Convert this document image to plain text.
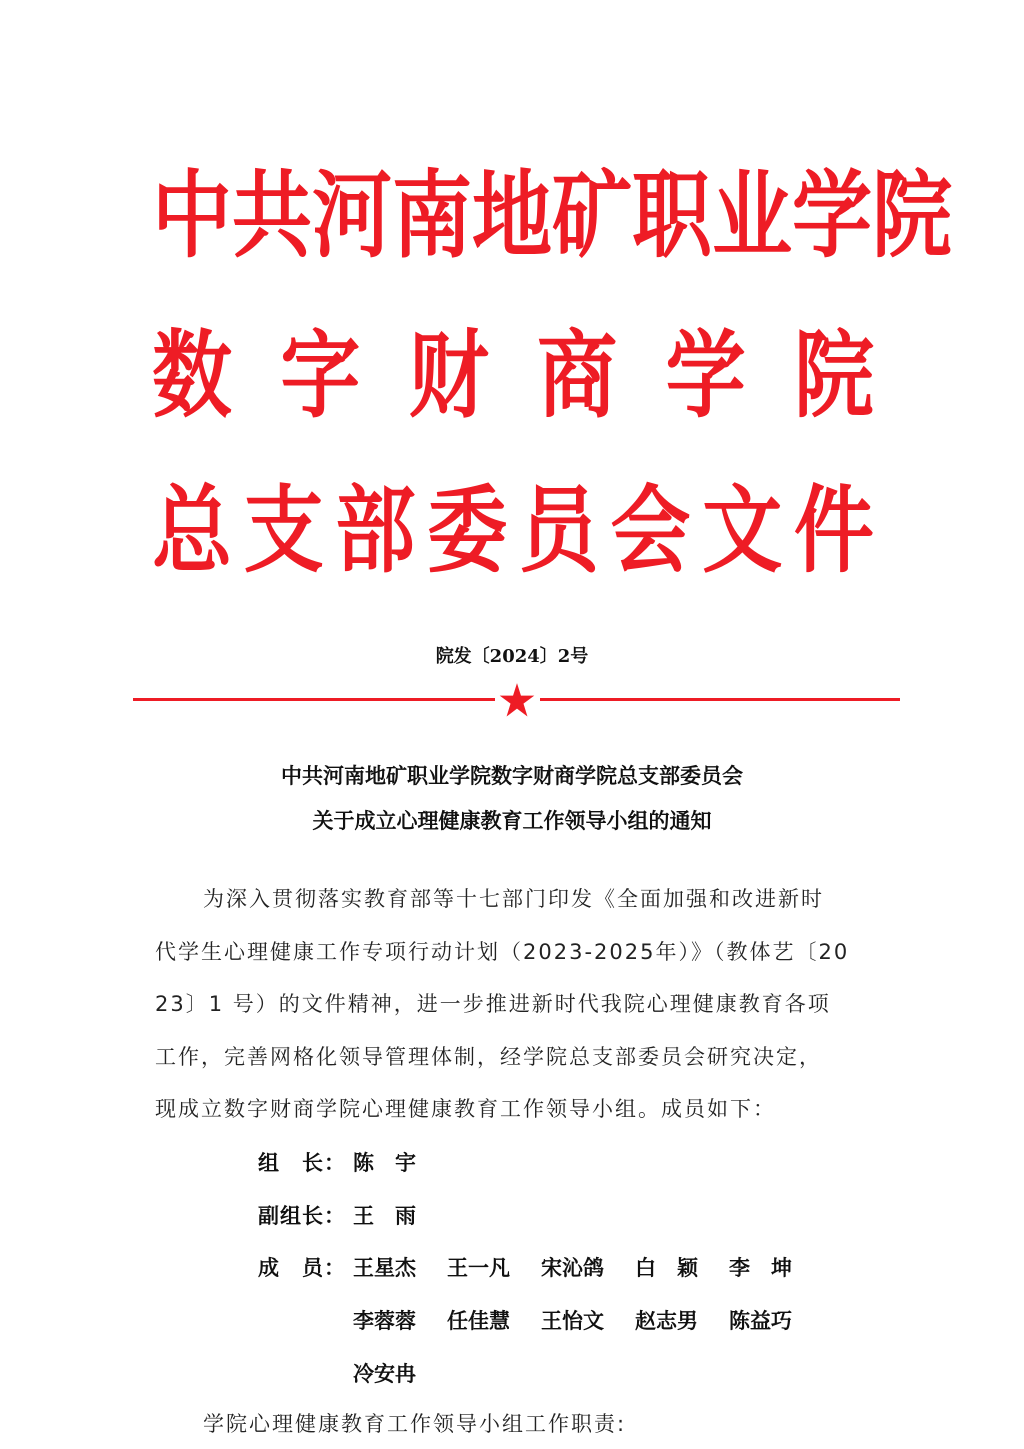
中 共 河 南 地 矿 职 业 学 院
数 字 财 商 学 院
总 支 部 委 员 会 文 件
院发〔2024〕2号
中共河南地矿职业学院数字财商学院总支部委员会
关于成立心理健康教育工作领导小组的通知

为深入贯彻落实教育部等十七部门印发《全面加强和改进新时

代学生心理健康工作专项行动计划（2023-2025年）》（教体艺〔20

23〕1 号）的文件精神，进一步推进新时代我院心理健康教育各项

工作，完善网格化领导管理体制，经学院总支部委员会研究决定，

现成立数字财商学院心理健康教育工作领导小组。成员如下：

组　长： 陈　宇
副组长： 王　雨
成　员： 王星杰	王一凡	宋沁鸽	白　颖	李　坤
李蓉蓉	任佳慧	王怡文	赵志男	陈益巧
冷安冉
学院心理健康教育工作领导小组工作职责:
